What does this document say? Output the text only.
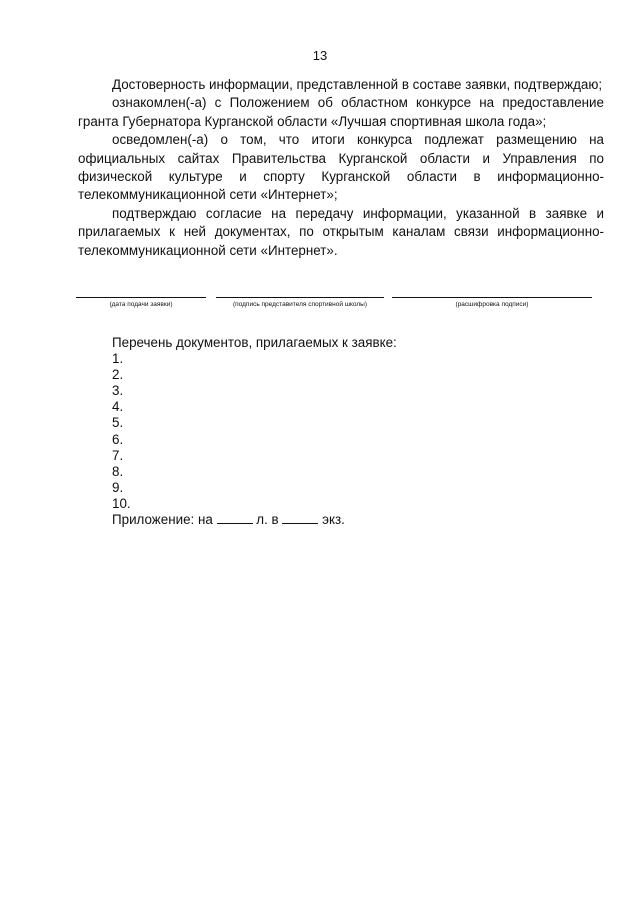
13

Достоверность информации, представленной в составе заявки, подтверждаю;

ознакомлен(-а) с Положением об областном конкурсе на предоставление гранта Губернатора Курганской области «Лучшая спортивная школа года»;

осведомлен(-а) о том, что итоги конкурса подлежат размещению на официальных сайтах Правительства Курганской области и Управления по физической культуре и спорту Курганской области в информационно-телекоммуникационной сети «Интернет»;

подтверждаю согласие на передачу информации, указанной в заявке и прилагаемых к ней документах, по открытым каналам связи информационно-телекоммуникационной сети «Интернет».

(дата подачи заявки)	(подпись представителя спортивной школы)	(расшифровка подписи)

Перечень документов, прилагаемых к заявке:

1.
2.
3.
4.
5.
6.
7.
8.
9.
10.

Приложение: на	л. в	экз.
